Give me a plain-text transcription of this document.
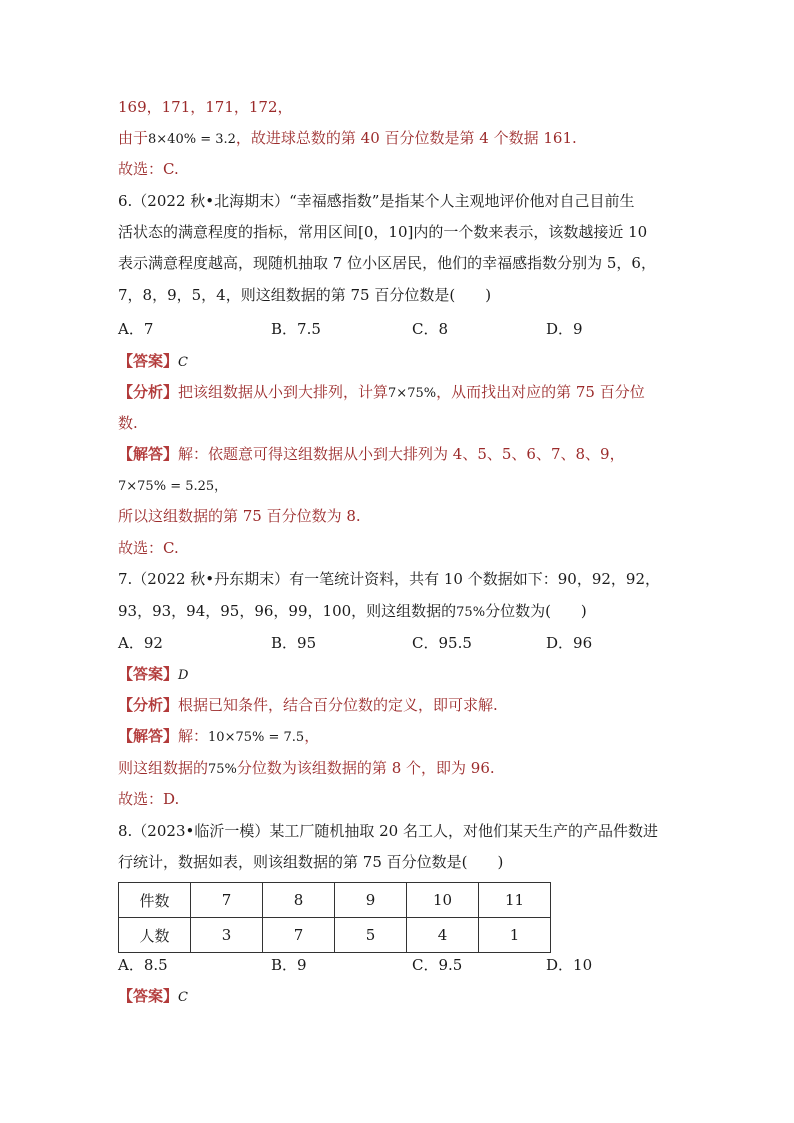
169，171，171，172，
由于8×40% = 3.2，故进球总数的第 40 百分位数是第 4 个数据 161.
故选：C.
6.（2022 秋•北海期末）“幸福感指数”是指某个人主观地评价他对自己目前生
活状态的满意程度的指标，常用区间[0，10]内的一个数来表示，该数越接近 10
表示满意程度越高，现随机抽取 7 位小区居民，他们的幸福感指数分别为 5，6，
7，8，9，5，4，则这组数据的第 75 百分位数是(　　)
A．7	B．7.5	C．8	D．9
【答案】C
【分析】把该组数据从小到大排列，计算7×75%，从而找出对应的第 75 百分位
数.
【解答】解：依题意可得这组数据从小到大排列为 4、5、5、6、7、8、9，
7×75% = 5.25，
所以这组数据的第 75 百分位数为 8.
故选：C.
7.（2022 秋•丹东期末）有一笔统计资料，共有 10 个数据如下：90，92，92，
93，93，94，95，96，99，100，则这组数据的75%分位数为(　　)
A．92	B．95	C．95.5	D．96
【答案】D
【分析】根据已知条件，结合百分位数的定义，即可求解.
【解答】解：10×75% = 7.5，
则这组数据的75%分位数为该组数据的第 8 个，即为 96.
故选：D.
8.（2023•临沂一模）某工厂随机抽取 20 名工人，对他们某天生产的产品件数进
行统计，数据如表，则该组数据的第 75 百分位数是(　　)
件数	7	8	9	10	11
人数	3	7	5	4	1
A．8.5	B．9	C．9.5	D．10
【答案】C
